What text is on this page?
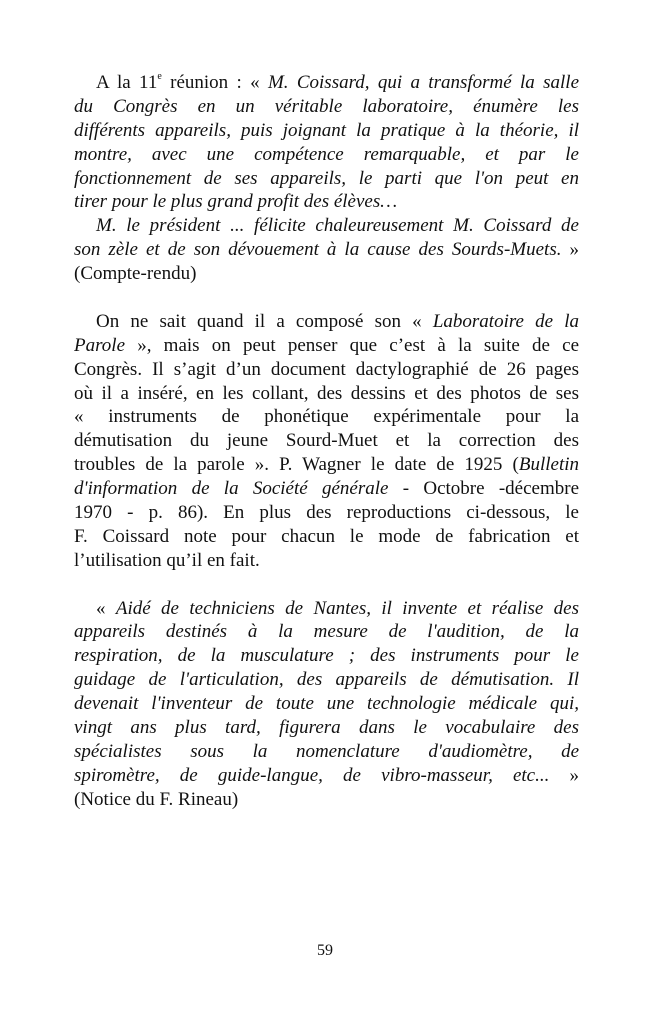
A la 11e réunion : « M. Coissard, qui a transformé la salle
du Congrès en un véritable laboratoire, énumère les
différents appareils, puis joignant la pratique à la théorie, il
montre, avec une compétence remarquable, et par le
fonctionnement de ses appareils, le parti que l'on peut en
tirer pour le plus grand profit des élèves…
M. le président ... félicite chaleureusement M. Coissard de
son zèle et de son dévouement à la cause des Sourds-Muets. »
(Compte-rendu)
On ne sait quand il a composé son « Laboratoire de la
Parole », mais on peut penser que c’est à la suite de ce
Congrès. Il s’agit d’un document dactylographié de 26 pages
où il a inséré, en les collant, des dessins et des photos de ses
« instruments de phonétique expérimentale pour la
démutisation du jeune Sourd-Muet et la correction des
troubles de la parole ». P. Wagner le date de 1925 (Bulletin
d'information de la Société générale - Octobre -décembre
1970 - p. 86). En plus des reproductions ci-dessous, le
F. Coissard note pour chacun le mode de fabrication et
l’utilisation qu’il en fait.
« Aidé de techniciens de Nantes, il invente et réalise des
appareils destinés à la mesure de l'audition, de la
respiration, de la musculature ; des instruments pour le
guidage de l'articulation, des appareils de démutisation. Il
devenait l'inventeur de toute une technologie médicale qui,
vingt ans plus tard, figurera dans le vocabulaire des
spécialistes sous la nomenclature d'audiomètre, de
spiromètre, de guide-langue, de vibro-masseur, etc... »
(Notice du F. Rineau)
59
